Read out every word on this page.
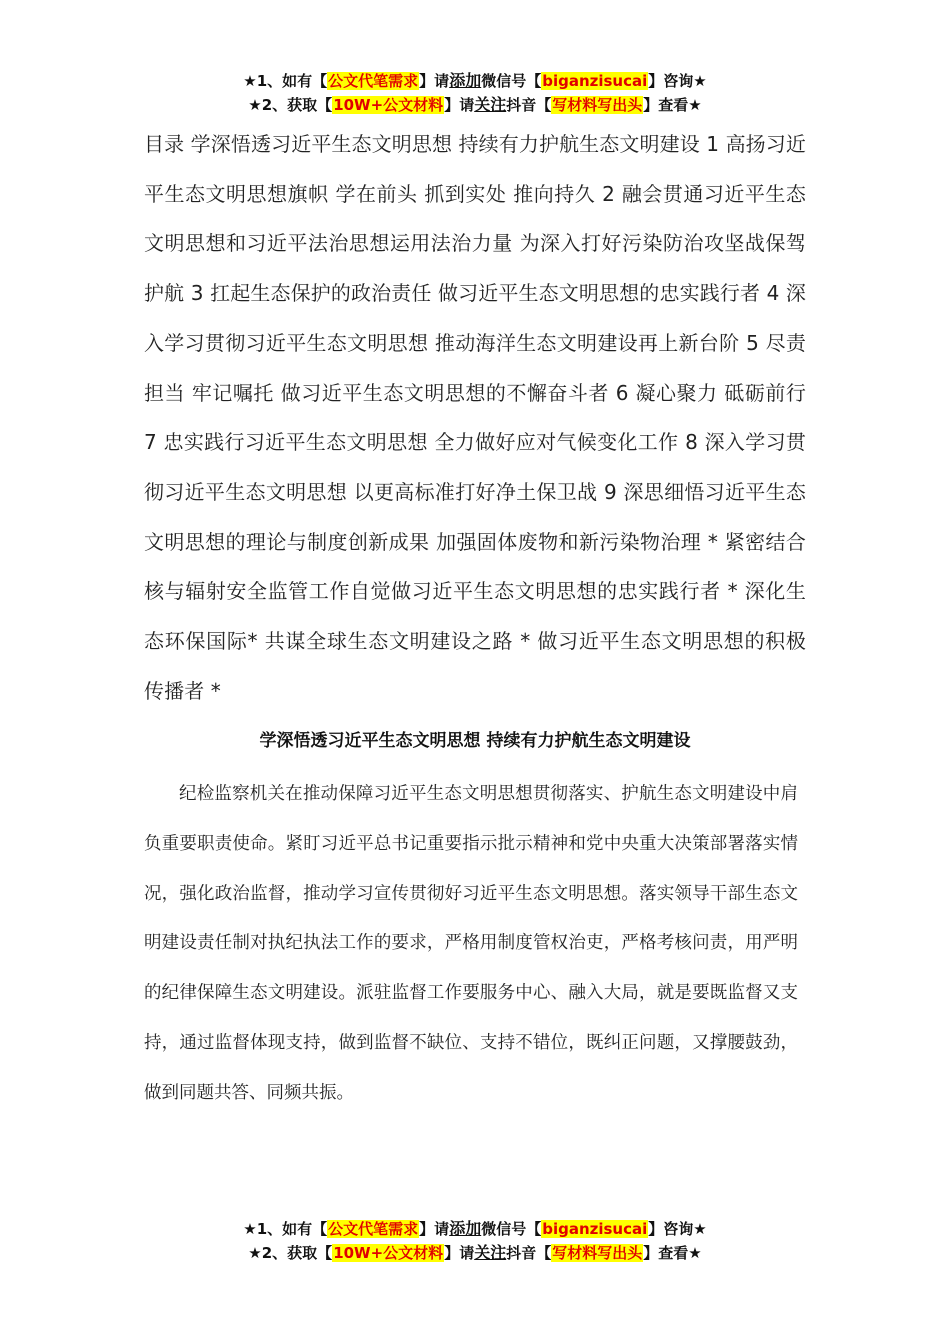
★1、如有【公文代笔需求】请添加微信号【biganzisucai】咨询★
★2、获取【10W+公文材料】请关注抖音【写材料写出头】查看★
目录 学深悟透习近平生态文明思想 持续有力护航生态文明建设 1 高扬习近平生态文明思想旗帜 学在前头 抓到实处 推向持久 2 融会贯通习近平生态文明思想和习近平法治思想运用法治力量 为深入打好污染防治攻坚战保驾护航 3 扛起生态保护的政治责任 做习近平生态文明思想的忠实践行者 4 深入学习贯彻习近平生态文明思想 推动海洋生态文明建设再上新台阶 5 尽责担当 牢记嘱托 做习近平生态文明思想的不懈奋斗者 6 凝心聚力 砥砺前行 7 忠实践行习近平生态文明思想 全力做好应对气候变化工作 8 深入学习贯彻习近平生态文明思想 以更高标准打好净土保卫战 9 深思细悟习近平生态文明思想的理论与制度创新成果 加强固体废物和新污染物治理 * 紧密结合核与辐射安全监管工作自觉做习近平生态文明思想的忠实践行者 * 深化生态环保国际* 共谋全球生态文明建设之路 * 做习近平生态文明思想的积极传播者 *
学深悟透习近平生态文明思想 持续有力护航生态文明建设
纪检监察机关在推动保障习近平生态文明思想贯彻落实、护航生态文明建设中肩负重要职责使命。紧盯习近平总书记重要指示批示精神和党中央重大决策部署落实情况，强化政治监督，推动学习宣传贯彻好习近平生态文明思想。落实领导干部生态文明建设责任制对执纪执法工作的要求，严格用制度管权治吏，严格考核问责，用严明的纪律保障生态文明建设。派驻监督工作要服务中心、融入大局，就是要既监督又支持，通过监督体现支持，做到监督不缺位、支持不错位，既纠正问题，又撑腰鼓劲，做到同题共答、同频共振。
★1、如有【公文代笔需求】请添加微信号【biganzisucai】咨询★
★2、获取【10W+公文材料】请关注抖音【写材料写出头】查看★
